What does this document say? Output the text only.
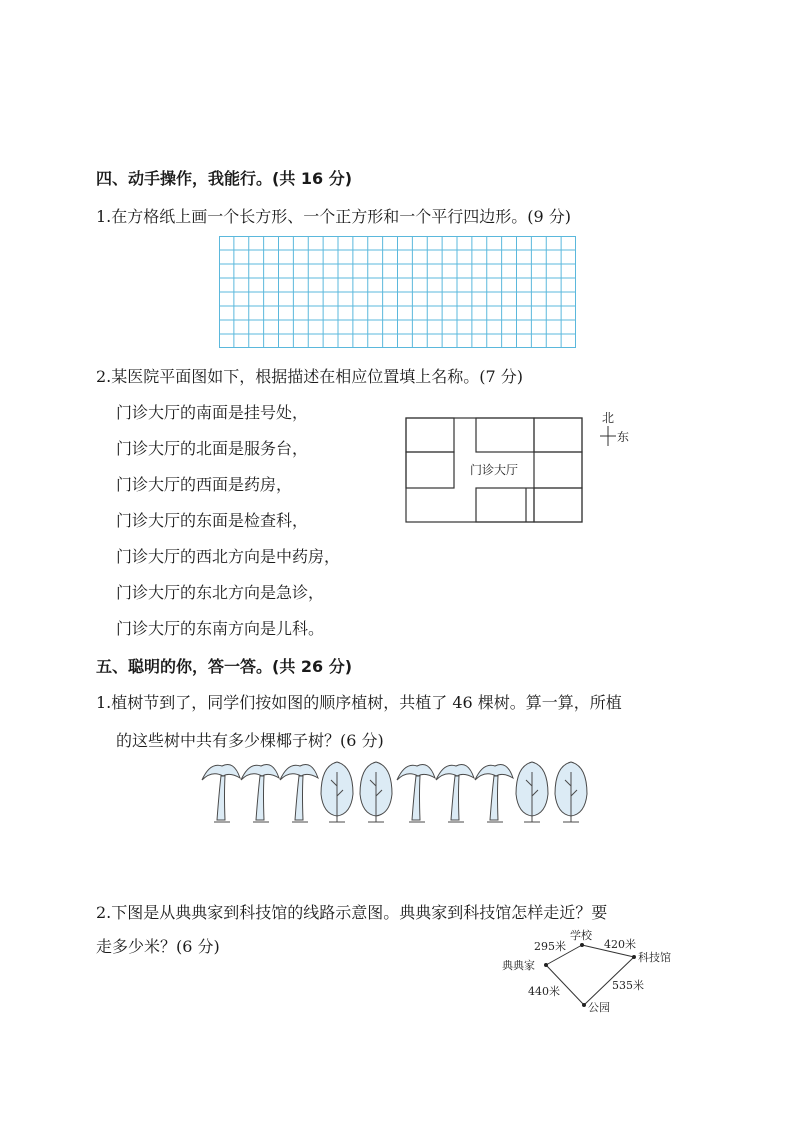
四、动手操作，我能行。(共 16 分)
1.在方格纸上画一个长方形、一个正方形和一个平行四边形。(9 分)
2.某医院平面图如下，根据描述在相应位置填上名称。(7 分)
门诊大厅的南面是挂号处，
门诊大厅的北面是服务台，
门诊大厅的西面是药房，
门诊大厅的东面是检查科，
门诊大厅的西北方向是中药房，
门诊大厅的东北方向是急诊，
门诊大厅的东南方向是儿科。
门诊大厅
北
东
五、聪明的你，答一答。(共 26 分)
1.植树节到了，同学们按如图的顺序植树，共植了 46 棵树。算一算，所植
的这些树中共有多少棵椰子树？(6 分)
2.下图是从典典家到科技馆的线路示意图。典典家到科技馆怎样走近？要
走多少米？(6 分)
典典家
学校
科技馆
公园
295米	420米
440米	535米
